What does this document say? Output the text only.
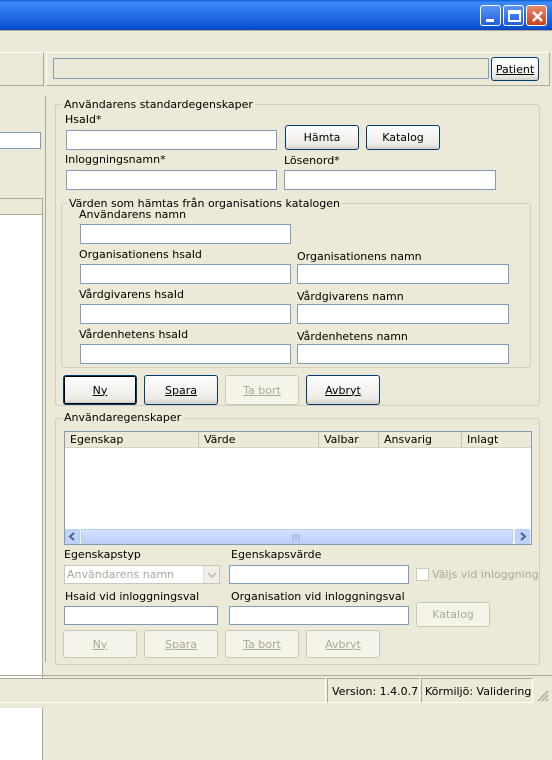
Patient
Användarens standardegenskaper
HsaId*
Hämta	Katalog
Inloggningsnamn*	Lösenord*
Värden som hämtas från organisations katalogen
Användarens namn
Organisationens hsaId	Organisationens namn
Vårdgivarens hsaId	Vårdgivarens namn
Vårdenhetens hsaId	Vårdenhetens namn
Ny	Spara	Ta bort	Avbryt
Användaregenskaper
Egenskap	Värde	Valbar	Ansvarig	Inlagt
Egenskapstyp
Användarens namn
Egenskapsvärde
Väljs vid inloggning
Hsaid vid inloggningsval	Organisation vid inloggningsval
Katalog
Ny	Spara	Ta bort	Avbryt
Version: 1.4.0.7 Körmiljö: Validering
